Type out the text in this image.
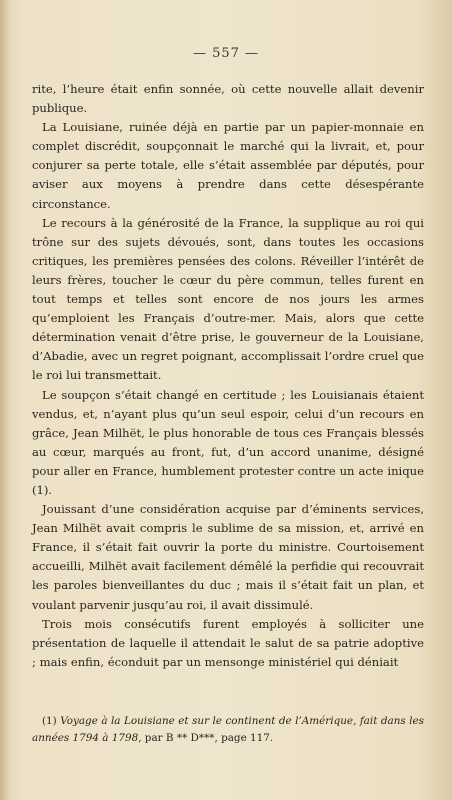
— 557 —

rite, l’heure était enfin sonnée, où cette nouvelle allait devenir publique.

La Louisiane, ruinée déjà en partie par un papier-monnaie en complet discrédit, soupçonnait le marché qui la livrait, et, pour conjurer sa perte totale, elle s’était assemblée par députés, pour aviser aux moyens à prendre dans cette désespérante circonstance.

Le recours à la générosité de la France, la supplique au roi qui trône sur des sujets dévoués, sont, dans toutes les occasions critiques, les premières pensées des colons. Réveiller l’intérêt de leurs frères, toucher le cœur du père commun, telles furent en tout temps et telles sont encore de nos jours les armes qu’emploient les Français d’outre-mer. Mais, alors que cette détermination venait d’être prise, le gouverneur de la Louisiane, d’Abadie, avec un regret poignant, accomplissait l’ordre cruel que le roi lui transmettait.

Le soupçon s’était changé en certitude ; les Louisianais étaient vendus, et, n’ayant plus qu’un seul espoir, celui d’un recours en grâce, Jean Milhët, le plus honorable de tous ces Français blessés au cœur, marqués au front, fut, d’un accord unanime, désigné pour aller en France, humblement protester contre un acte inique (1).

Jouissant d’une considération acquise par d’éminents services, Jean Milhët avait compris le sublime de sa mission, et, arrivé en France, il s’était fait ouvrir la porte du ministre. Courtoisement accueilli, Milhët avait facilement démêlé la perfidie qui recouvrait les paroles bienveillantes du duc ; mais il s’était fait un plan, et voulant parvenir jusqu’au roi, il avait dissimulé.

Trois mois consécutifs furent employés à solliciter une présentation de laquelle il attendait le salut de sa patrie adoptive ; mais enfin, éconduit par un mensonge ministériel qui déniait

(1) Voyage à la Louisiane et sur le continent de l’Amérique, fait dans les années 1794 à 1798, par B ** D***, page 117.
